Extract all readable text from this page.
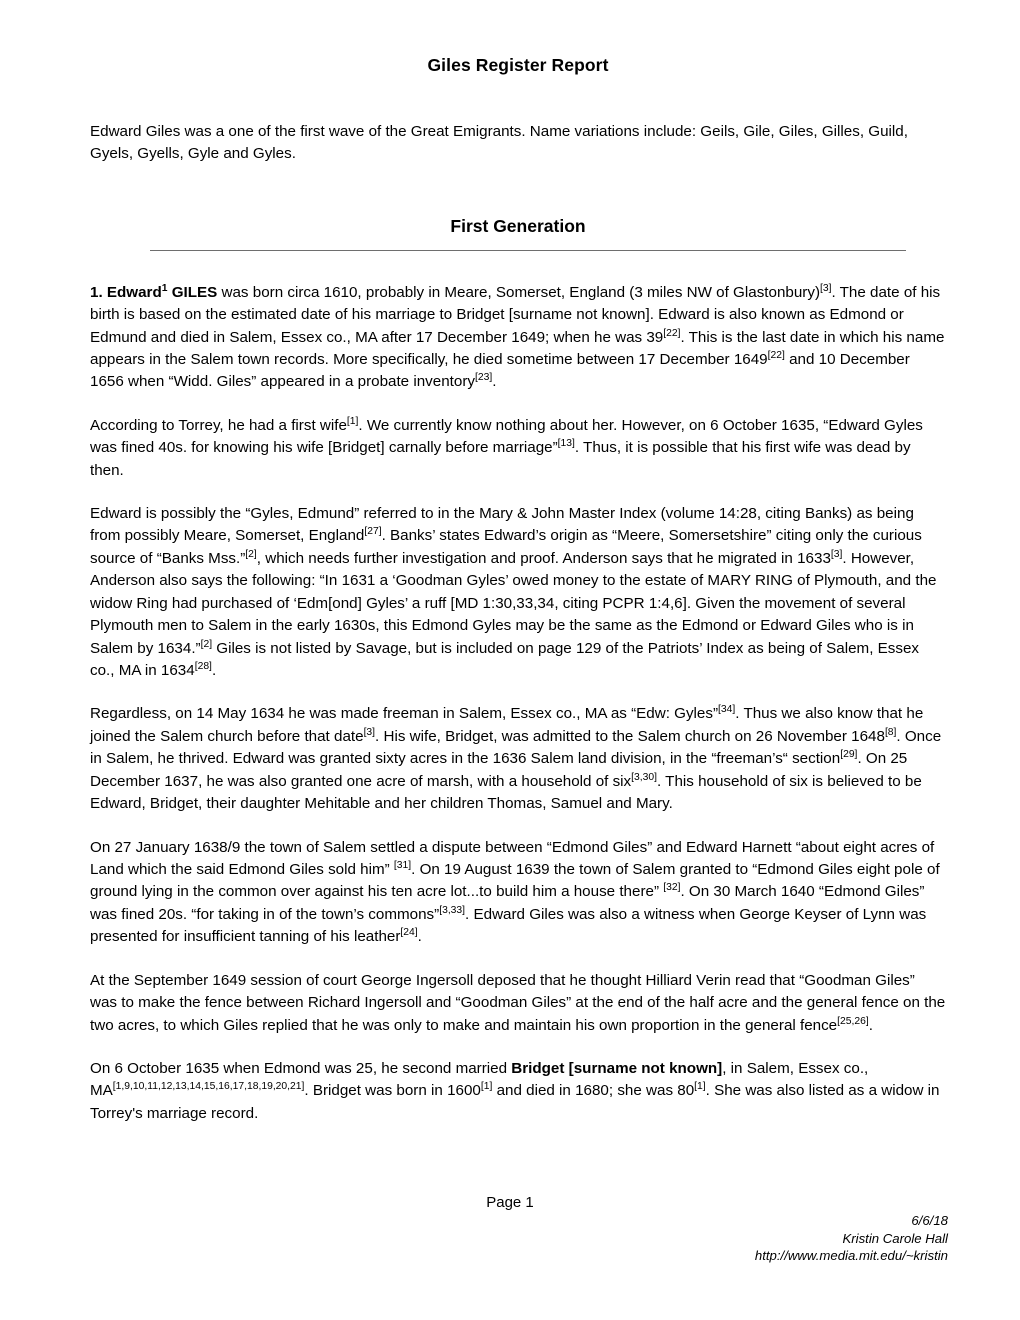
Giles Register Report

Edward Giles was a one of the first wave of the Great Emigrants. Name variations include: Geils, Gile, Giles, Gilles, Guild, Gyels, Gyells, Gyle and Gyles.

First Generation

1. Edward$^1$ GILES was born circa 1610, probably in Meare, Somerset, England (3 miles NW of Glastonbury)[3]. The date of his birth is based on the estimated date of his marriage to Bridget [surname not known]. Edward is also known as Edmond or Edmund and died in Salem, Essex co., MA after 17 December 1649; when he was 39[22]. This is the last date in which his name appears in the Salem town records. More specifically, he died sometime between 17 December 1649[22] and 10 December 1656 when “Widd. Giles” appeared in a probate inventory[23].

According to Torrey, he had a first wife[1]. We currently know nothing about her. However, on 6 October 1635, “Edward Gyles was fined 40s. for knowing his wife [Bridget] carnally before marriage”[13]. Thus, it is possible that his first wife was dead by then.

Edward is possibly the “Gyles, Edmund” referred to in the Mary & John Master Index (volume 14:28, citing Banks) as being from possibly Meare, Somerset, England[27]. Banks’ states Edward’s origin as “Meere, Somersetshire” citing only the curious source of “Banks Mss.”[2], which needs further investigation and proof. Anderson says that he migrated in 1633[3]. However, Anderson also says the following: “In 1631 a ‘Goodman Gyles’ owed money to the estate of MARY RING of Plymouth, and the widow Ring had purchased of ‘Edm[ond] Gyles’ a ruff [MD 1:30,33,34, citing PCPR 1:4,6]. Given the movement of several Plymouth men to Salem in the early 1630s, this Edmond Gyles may be the same as the Edmond or Edward Giles who is in Salem by 1634.”[2] Giles is not listed by Savage, but is included on page 129 of the Patriots’ Index as being of Salem, Essex co., MA in 1634[28].

Regardless, on 14 May 1634 he was made freeman in Salem, Essex co., MA as “Edw: Gyles”[34]. Thus we also know that he joined the Salem church before that date[3]. His wife, Bridget, was admitted to the Salem church on 26 November 1648[8]. Once in Salem, he thrived. Edward was granted sixty acres in the 1636 Salem land division, in the “freeman’s“ section[29]. On 25 December 1637, he was also granted one acre of marsh, with a household of six[3,30]. This household of six is believed to be Edward, Bridget, their daughter Mehitable and her children Thomas, Samuel and Mary.

On 27 January 1638/9 the town of Salem settled a dispute between “Edmond Giles” and Edward Harnett “about eight acres of Land which the said Edmond Giles sold him” [31]. On 19 August 1639 the town of Salem granted to “Edmond Giles eight pole of ground lying in the common over against his ten acre lot...to build him a house there” [32]. On 30 March 1640 “Edmond Giles” was fined 20s. “for taking in of the town’s commons”[3,33]. Edward Giles was also a witness when George Keyser of Lynn was presented for insufficient tanning of his leather[24].

At the September 1649 session of court George Ingersoll deposed that he thought Hilliard Verin read that “Goodman Giles” was to make the fence between Richard Ingersoll and “Goodman Giles” at the end of the half acre and the general fence on the two acres, to which Giles replied that he was only to make and maintain his own proportion in the general fence[25,26].

On 6 October 1635 when Edmond was 25, he second married Bridget [surname not known], in Salem, Essex co., MA[1,9,10,11,12,13,14,15,16,17,18,19,20,21]. Bridget was born in 1600[1] and died in 1680; she was 80[1]. She was also listed as a widow in Torrey's marriage record.

Page 1
6/6/18
Kristin Carole Hall
http://www.media.mit.edu/~kristin
